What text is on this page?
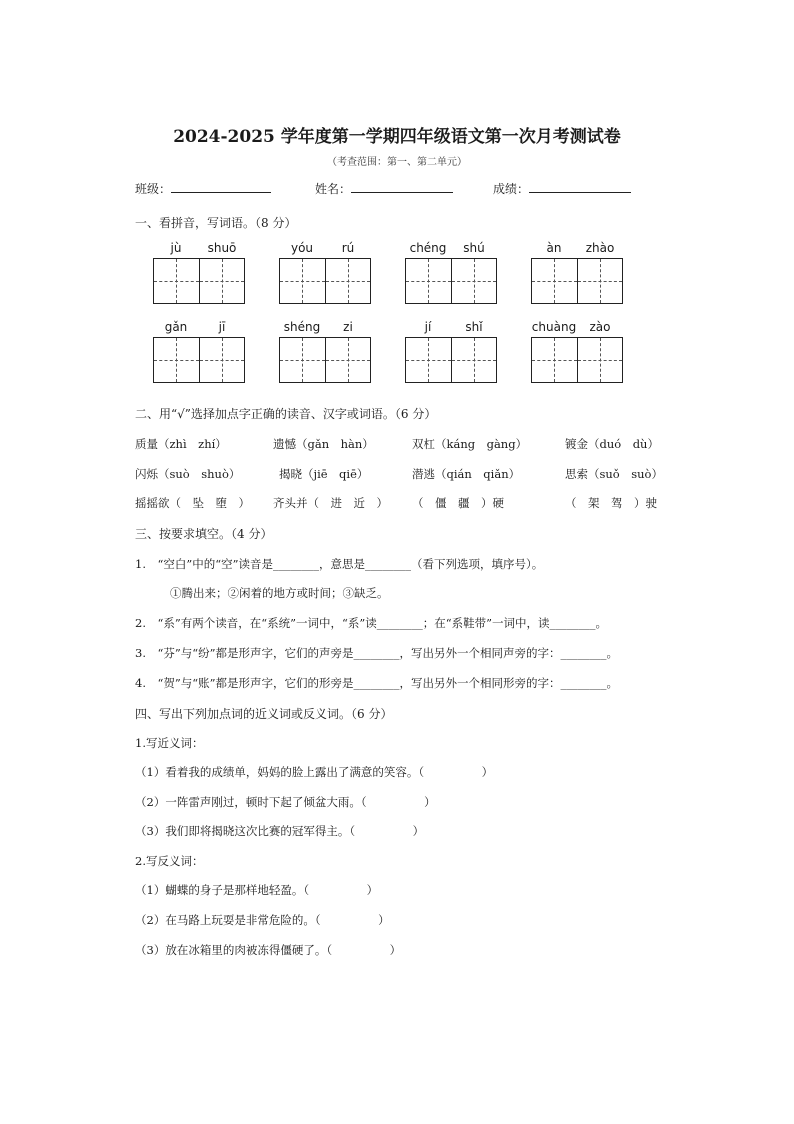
2024-2025 学年度第一学期四年级语文第一次月考测试卷
（考查范围：第一、第二单元）
班级：	姓名：	成绩：
一、看拼音，写词语。（8 分）
jù shuō	yóu rú	chéng shú	àn zhào
gǎn	jī	shéng zi	jí	shǐ	chuàng zào
二、用“√”选择加点字正确的读音、汉字或词语。（6 分）
质量（zhì　zhí）	遗憾（gǎn　hàn）	双杠（káng　gàng）	镀金（duó　dù）
闪烁（suò　shuò）	揭晓（jiē　qiē）	潜逃（qián　qiǎn）	思索（suǒ　suò）
摇摇欲（　坠　堕　） 齐头并（　进　近　） （　僵　疆　）硬	（　架　驾　）驶
三、按要求填空。（4 分）
1.　“空白”中的“空”读音是________，意思是________（看下列选项，填序号）。
①腾出来；②闲着的地方或时间；③缺乏。
2.　“系”有两个读音，在“系统”一词中，“系”读________；在“系鞋带”一词中，读________。
3.　“芬”与“纷”都是形声字，它们的声旁是________，写出另外一个相同声旁的字：________。
4.　“贺”与“账”都是形声字，它们的形旁是________，写出另外一个相同形旁的字：________。
四、写出下列加点词的近义词或反义词。（6 分）
1.写近义词：
（1）看着我的成绩单，妈妈的脸上露出了满意的笑容。（　　　　　）
（2）一阵雷声刚过，顿时下起了倾盆大雨。（　　　　　）
（3）我们即将揭晓这次比赛的冠军得主。（　　　　　）
2.写反义词：
（1）蝴蝶的身子是那样地轻盈。（　　　　　）
（2）在马路上玩耍是非常危险的。（　　　　　）
（3）放在冰箱里的肉被冻得僵硬了。（　　　　　）
